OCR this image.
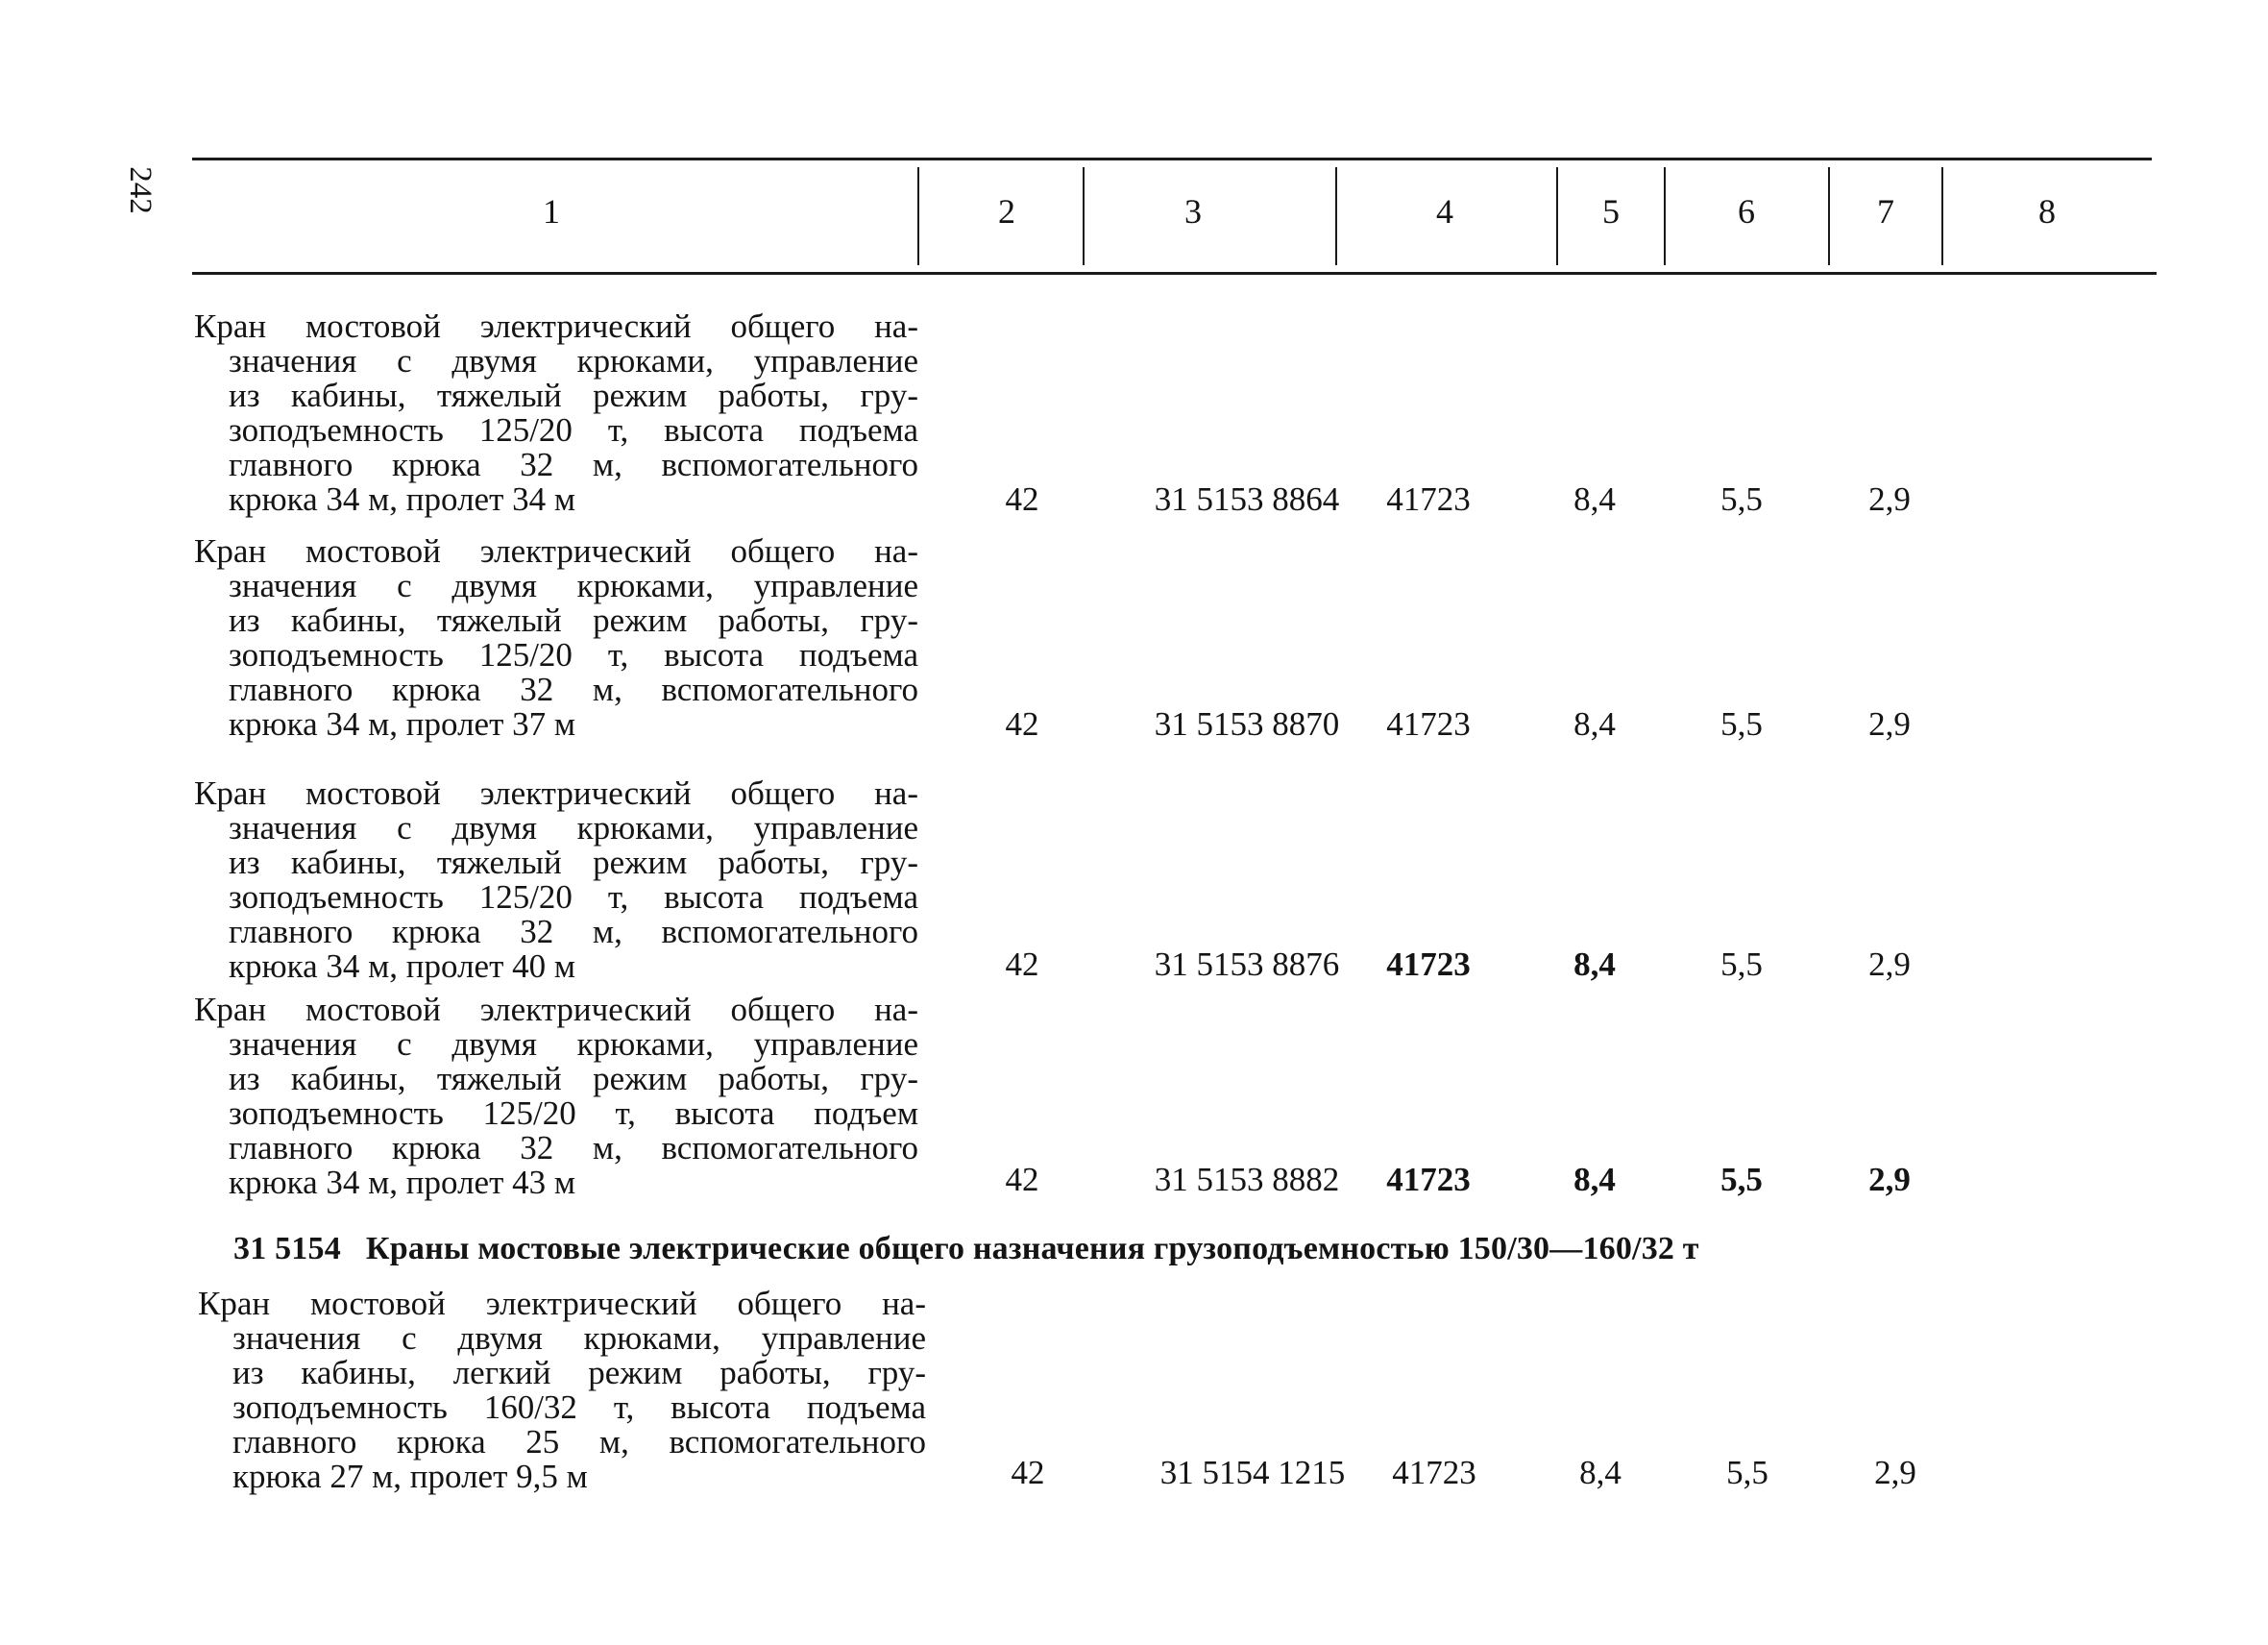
242	1	2	3	4	5	6	7	8
Кран мостовой электрический общего на-
значения с двумя крюками, управление
из кабины, тяжелый режим работы, гру-
зоподъемность 125/20 т, высота подъема
главного крюка 32 м, вспомогательного
крюка 34 м, пролет 34 м	42	31 5153 8864	41723	8,4	5,5	2,9
Кран мостовой электрический общего на-
значения с двумя крюками, управление
из кабины, тяжелый режим работы, гру-
зоподъемность 125/20 т, высота подъема
главного крюка 32 м, вспомогательного
крюка 34 м, пролет 37 м	42	31 5153 8870	41723	8,4	5,5	2,9
Кран мостовой электрический общего на-
значения с двумя крюками, управление
из кабины, тяжелый режим работы, гру-
зоподъемность 125/20 т, высота подъема
главного крюка 32 м, вспомогательного
крюка 34 м, пролет 40 м	42	31 5153 8876	41723	8,4	5,5	2,9
Кран мостовой электрический общего на-
значения с двумя крюками, управление
из кабины, тяжелый режим работы, гру-
зоподъемность 125/20 т, высота подъем
главного крюка 32 м, вспомогательного
крюка 34 м, пролет 43 м	42	31 5153 8882	41723	8,4	5,5	2,9
31 5154 Краны мостовые электрические общего назначения грузоподъемностью 150/30—160/32 т
Кран мостовой электрический общего на-
значения с двумя крюками, управление
из кабины, легкий режим работы, гру-
зоподъемность 160/32 т, высота подъема
главного крюка 25 м, вспомогательного
крюка 27 м, пролет 9,5 м	42	31 5154 1215	41723	8,4	5,5	2,9
